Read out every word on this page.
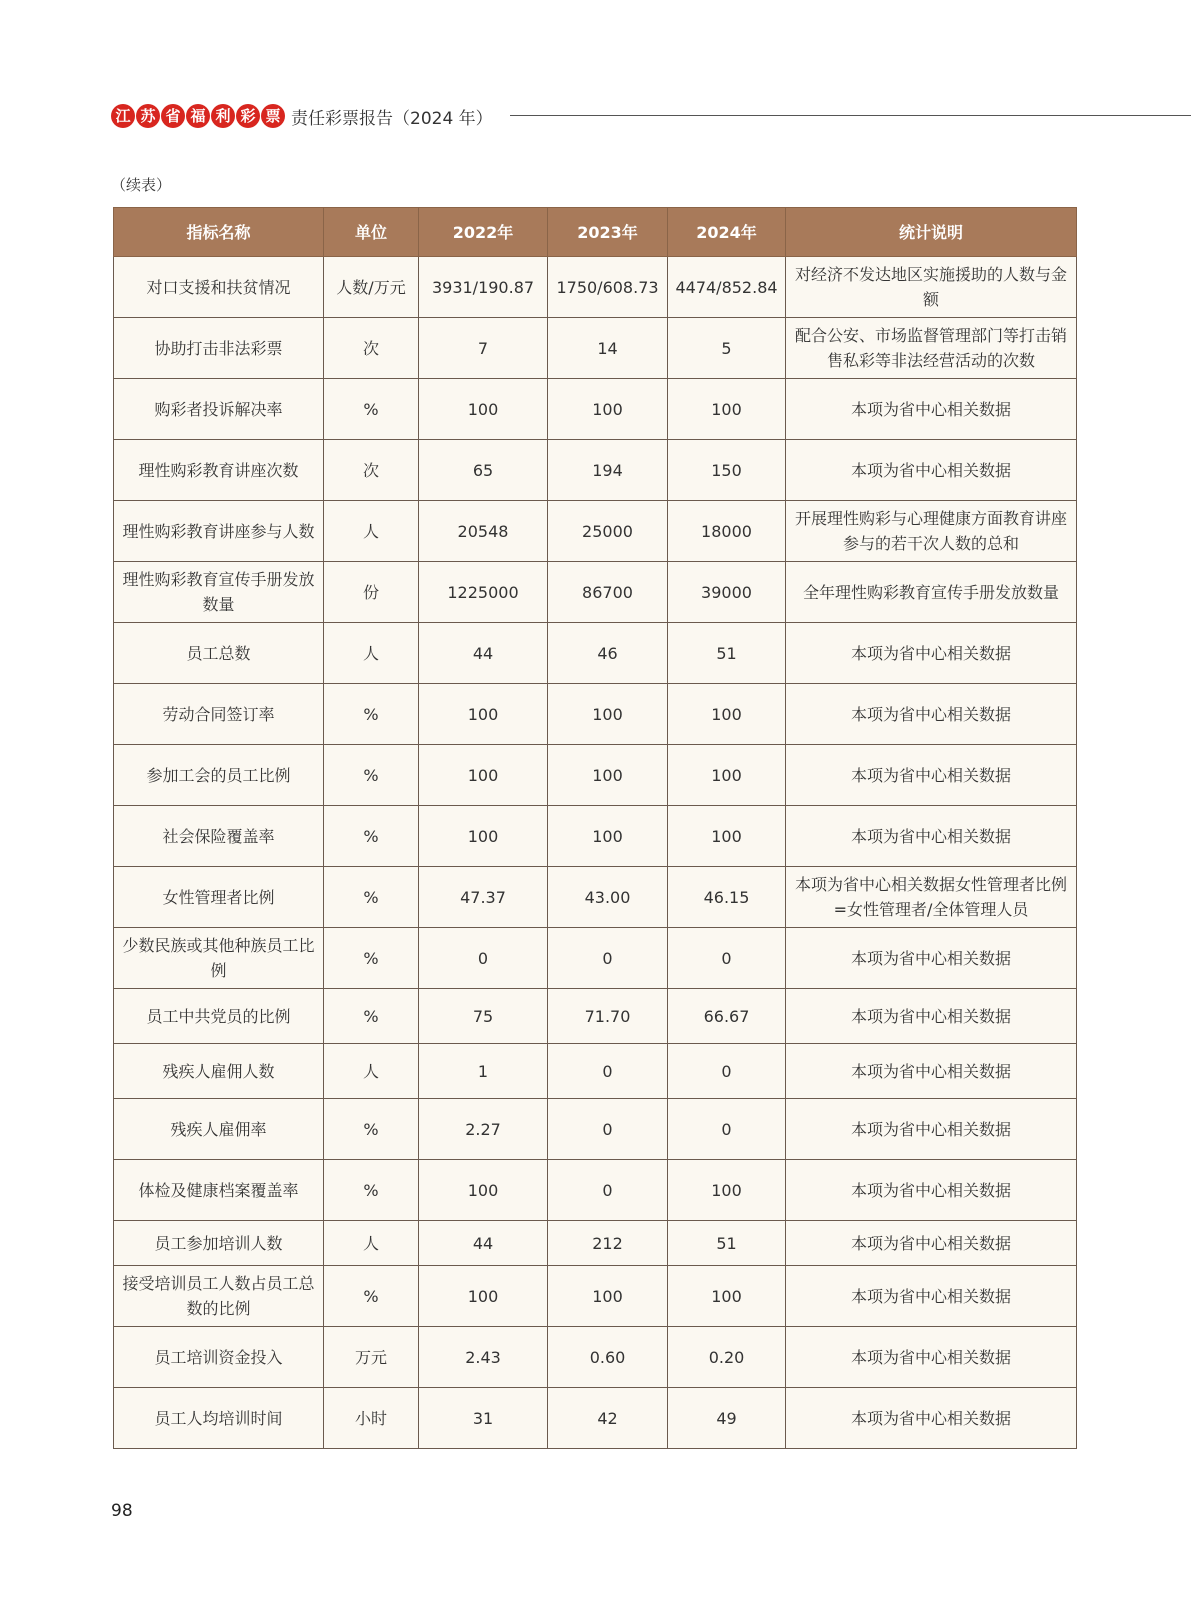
江 苏 省 福 利 彩 票 责任彩票报告（2024 年）
（续表）
指标名称	单位	2022年	2023年	2024年	统计说明
对口支援和扶贫情况	人数/万元	3931/190.87	1750/608.73	4474/852.84	对经济不发达地区实施援助的人数与金额
协助打击非法彩票	次	7	14	5	配合公安、市场监督管理部门等打击销售私彩等非法经营活动的次数
购彩者投诉解决率	%	100	100	100	本项为省中心相关数据
理性购彩教育讲座次数	次	65	194	150	本项为省中心相关数据
理性购彩教育讲座参与人数	人	20548	25000	18000	开展理性购彩与心理健康方面教育讲座参与的若干次人数的总和
理性购彩教育宣传手册发放数量	份	1225000	86700	39000	全年理性购彩教育宣传手册发放数量
员工总数	人	44	46	51	本项为省中心相关数据
劳动合同签订率	%	100	100	100	本项为省中心相关数据
参加工会的员工比例	%	100	100	100	本项为省中心相关数据
社会保险覆盖率	%	100	100	100	本项为省中心相关数据
女性管理者比例	%	47.37	43.00	46.15	本项为省中心相关数据女性管理者比例=女性管理者/全体管理人员
少数民族或其他种族员工比例	%	0	0	0	本项为省中心相关数据
员工中共党员的比例	%	75	71.70	66.67	本项为省中心相关数据
残疾人雇佣人数	人	1	0	0	本项为省中心相关数据
残疾人雇佣率	%	2.27	0	0	本项为省中心相关数据
体检及健康档案覆盖率	%	100	0	100	本项为省中心相关数据
员工参加培训人数	人	44	212	51	本项为省中心相关数据
接受培训员工人数占员工总数的比例	%	100	100	100	本项为省中心相关数据
员工培训资金投入	万元	2.43	0.60	0.20	本项为省中心相关数据
员工人均培训时间	小时	31	42	49	本项为省中心相关数据
98
